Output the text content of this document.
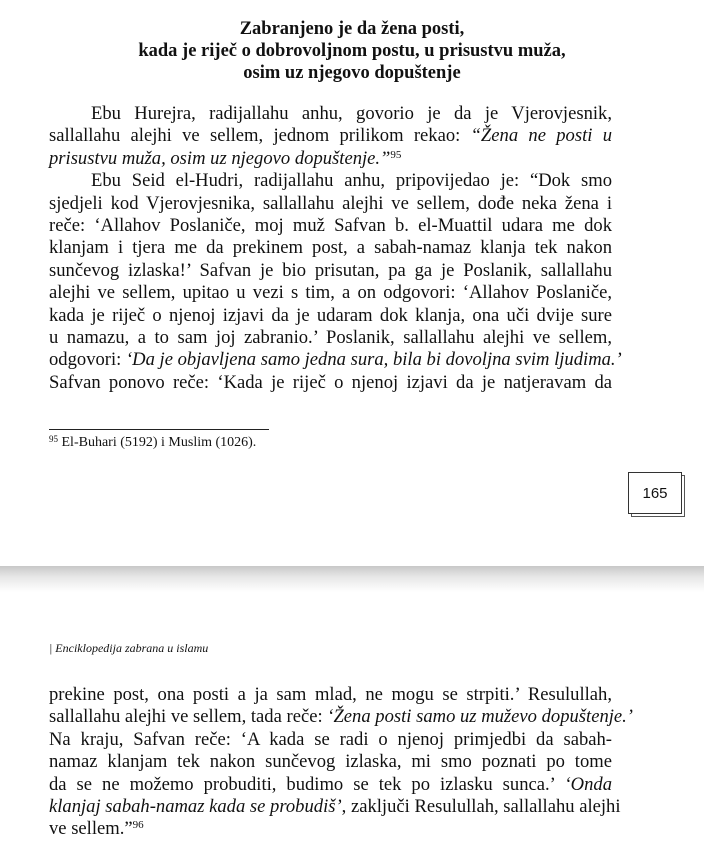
Zabranjeno je da žena posti,
kada je riječ o dobrovoljnom postu, u prisustvu muža,
osim uz njegovo dopuštenje
Ebu Hurejra, radijallahu anhu, govorio je da je Vjerovjesnik,
sallallahu alejhi ve sellem, jednom prilikom rekao: “Žena ne posti u
prisustvu muža, osim uz njegovo dopuštenje.”$^{95}$
Ebu Seid el-Hudri, radijallahu anhu, pripovijedao je: “Dok smo
sjedjeli kod Vjerovjesnika, sallallahu alejhi ve sellem, dođe neka žena i
reče: ‘Allahov Poslaniče, moj muž Safvan b. el-Muattil udara me dok
klanjam i tjera me da prekinem post, a sabah-namaz klanja tek nakon
sunčevog izlaska!’ Safvan je bio prisutan, pa ga je Poslanik, sallallahu
alejhi ve sellem, upitao u vezi s tim, a on odgovori: ‘Allahov Poslaniče,
kada je riječ o njenoj izjavi da je udaram dok klanja, ona uči dvije sure
u namazu, a to sam joj zabranio.’ Poslanik, sallallahu alejhi ve sellem,
odgovori: ‘Da je objavljena samo jedna sura, bila bi dovoljna svim ljudima.’
Safvan ponovo reče: ‘Kada je riječ o njenoj izjavi da je natjeravam da
$^{95}$ El-Buhari (5192) i Muslim (1026).
165
| Enciklopedija zabrana u islamu
prekine post, ona posti a ja sam mlad, ne mogu se strpiti.’ Resulullah,
sallallahu alejhi ve sellem, tada reče: ‘Žena posti samo uz muževo dopuštenje.’
Na kraju, Safvan reče: ‘A kada se radi o njenoj primjedbi da sabah-
namaz klanjam tek nakon sunčevog izlaska, mi smo poznati po tome
da se ne možemo probuditi, budimo se tek po izlasku sunca.’ ‘Onda
klanjaj sabah-namaz kada se probudiš’, zaključi Resulullah, sallallahu alejhi
ve sellem.”$^{96}$
